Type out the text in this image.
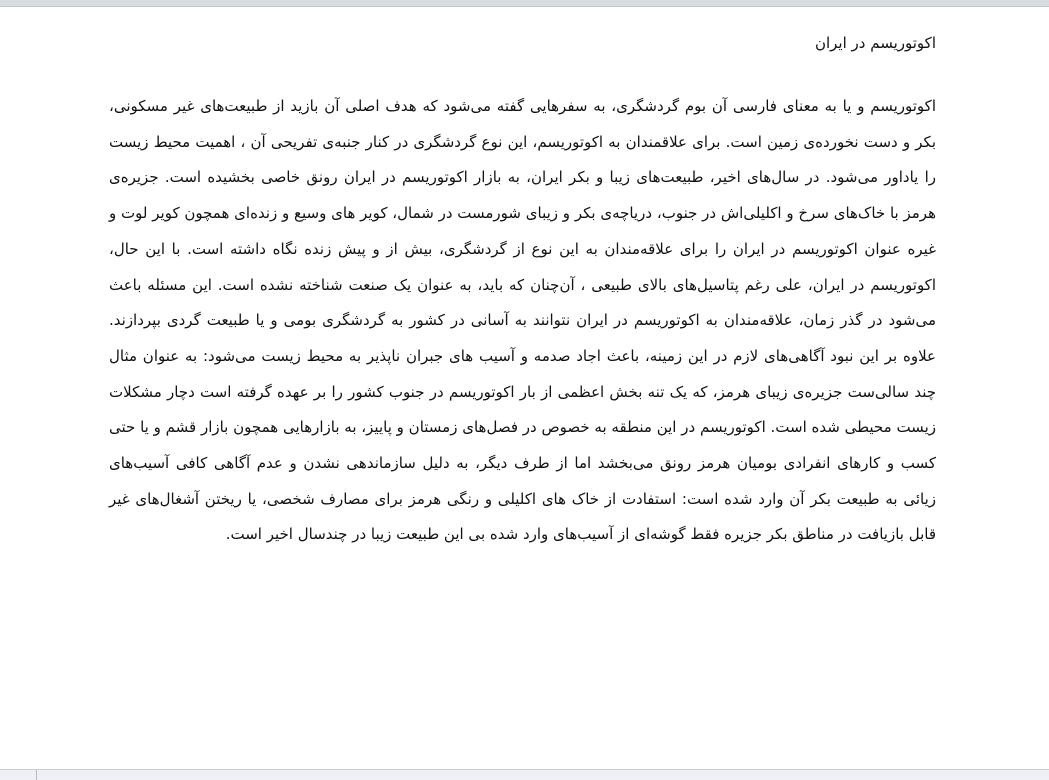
اکوتوریسم در ایران

اکوتوریسم و یا به معنای فارسی آن بوم گردشگری، به سفرهایی گفته می‌شود که هدف اصلی آن بازید از طبیعت‌های غیر مسکونی، بکر و دست نخورده‌ی زمین است. برای علاقمندان به اکوتوریسم، این نوع گردشگری در کنار جنبه‌ی تفریحی آن ، اهمیت محیط زیست را یاداور می‌شود. در سال‌های اخیر، طبیعت‌های زیبا و بکر ایران، به بازار اکوتوریسم در ایران رونق خاصی بخشیده است. جزیره‌ی هرمز با خاک‌های سرخ و اکلیلی‌اش در جنوب، دریاچه‌ی بکر و زیبای شورمست در شمال، کویر های وسیع و زنده‌ای همچون کویر لوت و غیره عنوان اکوتوریسم در ایران را برای علاقه‌مندان به این نوع از گردشگری، بیش از و پیش زنده نگاه داشته است. با این حال، اکوتوریسم در ایران، علی رغم پتاسیل‌های بالای طبیعی ، آن‌چنان که باید، به عنوان یک صنعت شناخته نشده است. این مسئله باعث می‌شود در گذر زمان، علاقه‌مندان به اکوتوریسم در ایران نتوانند به آسانی در کشور به گردشگری بومی و یا طبیعت گردی بپردازند. علاوه بر این نبود آگاهی‌های لازم در این زمینه، باعث اجاد صدمه و آسیب های جبران ناپذیر به محیط زیست می‌شود: به عنوان مثال چند سالی‌ست جزیره‌ی زیبای هرمز، که یک تنه بخش اعظمی از بار اکوتوریسم در جنوب کشور را بر عهده گرفته است دچار مشکلات زیست محیطی شده است. اکوتوریسم در این منطقه به خصوص در فصل‌های زمستان و پاییز، به بازارهایی همچون بازار قشم و یا حتی کسب و کارهای انفرادی بومیان هرمز رونق می‌بخشد اما از طرف دیگر، به دلیل سازماندهی نشدن و عدم آگاهی کافی آسیب‌های زیائی به طبیعت بکر آن وارد شده است: استفادت از خاک های اکلیلی و رنگی هرمز برای مصارف شخصی، یا ریختن آشغال‌های غیر قابل بازیافت در مناطق بکر جزیره فقط گوشه‌ای از آسیب‌های وارد شده بی این طبیعت زیبا در چندسال اخیر است.
